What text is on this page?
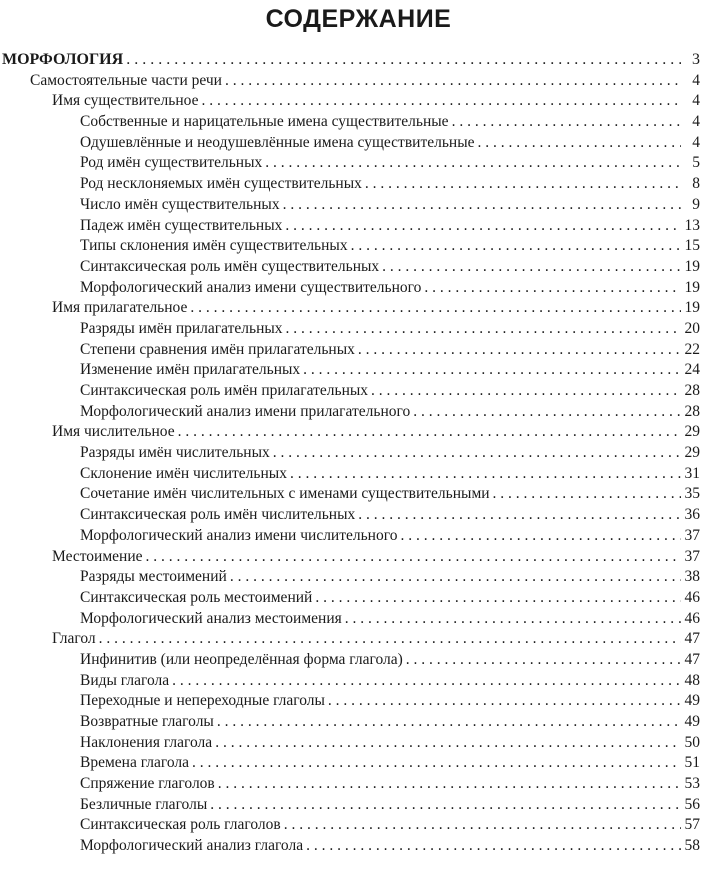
СОДЕРЖАНИЕ
МОРФОЛОГИЯ . . .	3
Самостоятельные части речи . . .	4
Имя существительное . . .	4
Собственные и нарицательные имена существительные . . .	4
Одушевлённые и неодушевлённые имена существительные . . .	4
Род имён существительных . . .	5
Род несклоняемых имён существительных . . .	8
Число имён существительных . . .	9
Падеж имён существительных . . .	13
Типы склонения имён существительных . . .	15
Синтаксическая роль имён существительных . . .	19
Морфологический анализ имени существительного . . .	19
Имя прилагательное . . .	19
Разряды имён прилагательных . . .	20
Степени сравнения имён прилагательных . . .	22
Изменение имён прилагательных . . .	24
Синтаксическая роль имён прилагательных . . .	28
Морфологический анализ имени прилагательного . . .	28
Имя числительное . . .	29
Разряды имён числительных . . .	29
Склонение имён числительных . . .	31
Сочетание имён числительных с именами существительными . . .	35
Синтаксическая роль имён числительных . . .	36
Морфологический анализ имени числительного . . .	37
Местоимение . . .	37
Разряды местоимений . . .	38
Синтаксическая роль местоимений . . .	46
Морфологический анализ местоимения . . .	46
Глагол . . .	47
Инфинитив (или неопределённая форма глагола) . . .	47
Виды глагола . . .	48
Переходные и непереходные глаголы . . .	49
Возвратные глаголы . . .	49
Наклонения глагола . . .	50
Времена глагола . . .	51
Спряжение глаголов . . .	53
Безличные глаголы . . .	56
Синтаксическая роль глаголов . . .	57
Морфологический анализ глагола . . .	58
